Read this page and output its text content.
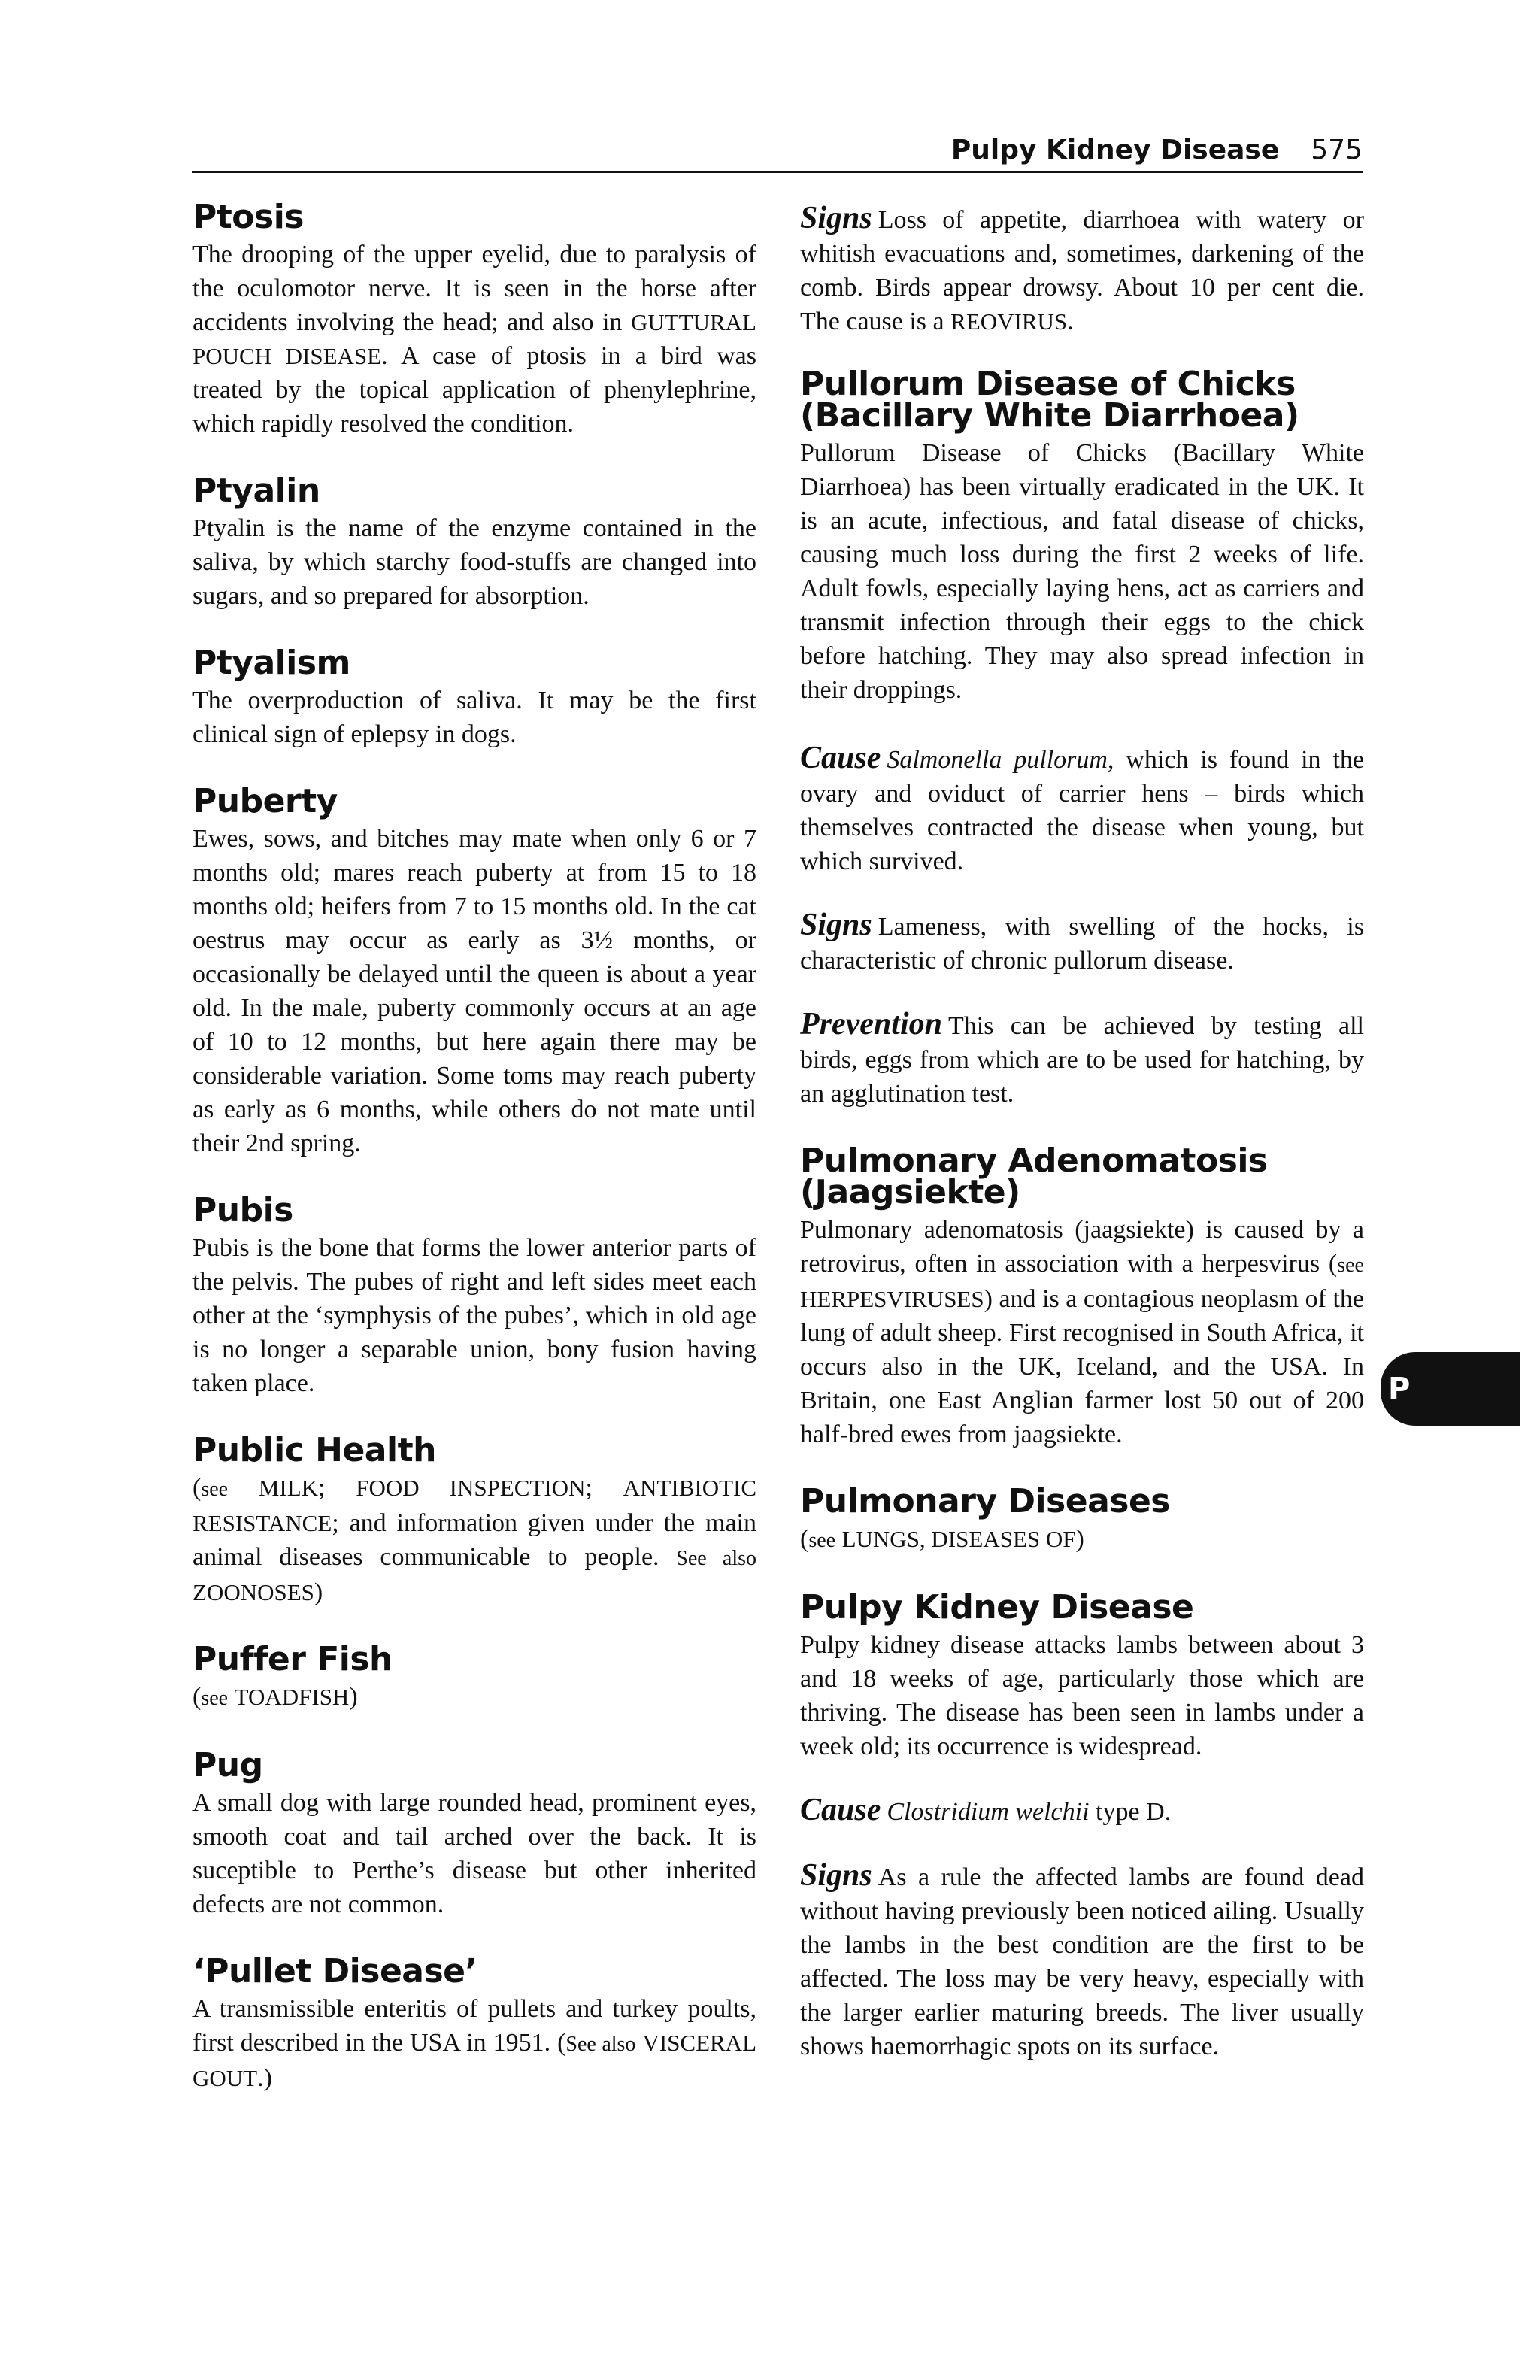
Pulpy Kidney Disease 575
Ptosis

The drooping of the upper eyelid, due to paralysis of the oculomotor nerve. It is seen in the horse after accidents involving the head; and also in GUTTURAL POUCH DISEASE. A case of ptosis in a bird was treated by the topical application of phenylephrine, which rapidly resolved the condition.

Ptyalin

Ptyalin is the name of the enzyme contained in the saliva, by which starchy food-stuffs are changed into sugars, and so prepared for absorption.

Ptyalism

The overproduction of saliva. It may be the first clinical sign of eplepsy in dogs.

Puberty

Ewes, sows, and bitches may mate when only 6 or 7 months old; mares reach puberty at from 15 to 18 months old; heifers from 7 to 15 months old. In the cat oestrus may occur as early as 3½ months, or occasionally be delayed until the queen is about a year old. In the male, puberty commonly occurs at an age of 10 to 12 months, but here again there may be considerable variation. Some toms may reach puberty as early as 6 months, while others do not mate until their 2nd spring.

Pubis

Pubis is the bone that forms the lower anterior parts of the pelvis. The pubes of right and left sides meet each other at the ‘symphysis of the pubes’, which in old age is no longer a separable union, bony fusion having taken place.

Public Health

(see MILK; FOOD INSPECTION; ANTIBIOTIC RESISTANCE; and information given under the main animal diseases communicable to people. See also ZOONOSES)

Puffer Fish

(see TOADFISH)

Pug

A small dog with large rounded head, prominent eyes, smooth coat and tail arched over the back. It is suceptible to Perthe’s disease but other inherited defects are not common.

‘Pullet Disease’

A transmissible enteritis of pullets and turkey poults, first described in the USA in 1951. (See also VISCERAL GOUT.)

Signs Loss of appetite, diarrhoea with watery or whitish evacuations and, sometimes, darkening of the comb. Birds appear drowsy. About 10 per cent die. The cause is a REOVIRUS.

Pullorum Disease of Chicks (Bacillary White Diarrhoea)

Pullorum Disease of Chicks (Bacillary White Diarrhoea) has been virtually eradicated in the UK. It is an acute, infectious, and fatal disease of chicks, causing much loss during the first 2 weeks of life. Adult fowls, especially laying hens, act as carriers and transmit infection through their eggs to the chick before hatching. They may also spread infection in their droppings.

Cause Salmonella pullorum, which is found in the ovary and oviduct of carrier hens – birds which themselves contracted the disease when young, but which survived.

Signs Lameness, with swelling of the hocks, is characteristic of chronic pullorum disease.

Prevention This can be achieved by testing all birds, eggs from which are to be used for hatching, by an agglutination test.

Pulmonary Adenomatosis (Jaagsiekte)

Pulmonary adenomatosis (jaagsiekte) is caused by a retrovirus, often in association with a herpesvirus (see HERPESVIRUSES) and is a contagious neoplasm of the lung of adult sheep. First recognised in South Africa, it occurs also in the UK, Iceland, and the USA. In Britain, one East Anglian farmer lost 50 out of 200 half-bred ewes from jaagsiekte.

Pulmonary Diseases

(see LUNGS, DISEASES OF)

Pulpy Kidney Disease

Pulpy kidney disease attacks lambs between about 3 and 18 weeks of age, particularly those which are thriving. The disease has been seen in lambs under a week old; its occurrence is widespread.

Cause Clostridium welchii type D.

Signs As a rule the affected lambs are found dead without having previously been noticed ailing. Usually the lambs in the best condition are the first to be affected. The loss may be very heavy, especially with the larger earlier maturing breeds. The liver usually shows haemorrhagic spots on its surface.

P
